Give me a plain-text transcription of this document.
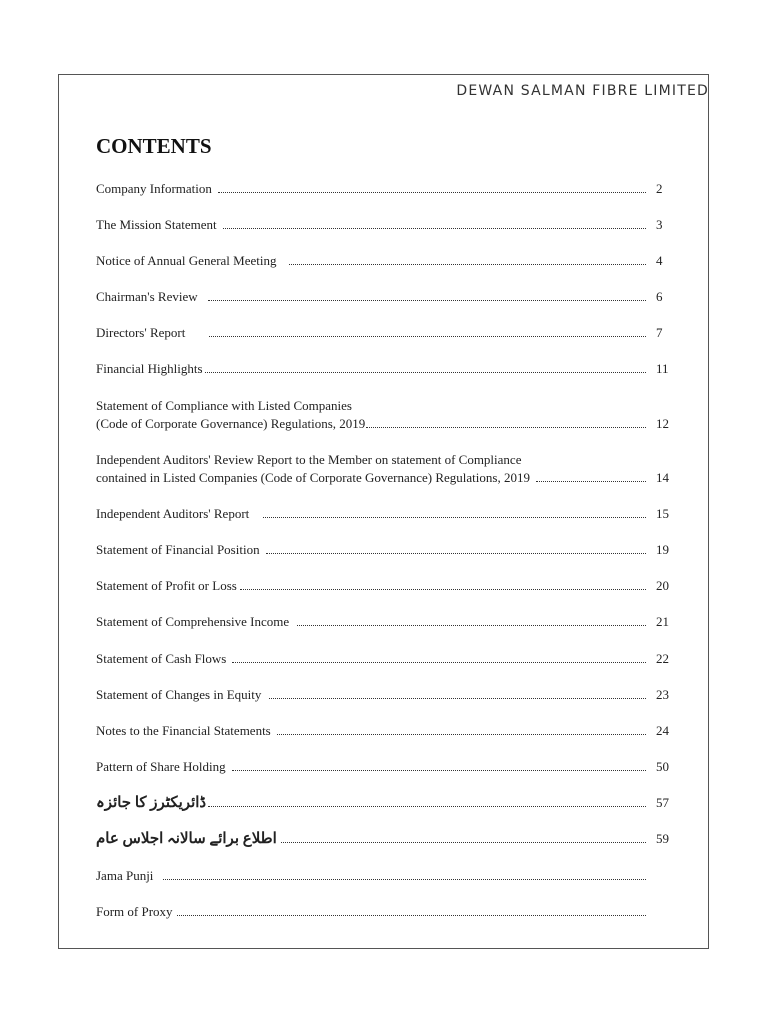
DEWAN SALMAN FIBRE LIMITED
CONTENTS
Company Information	2
The Mission Statement	3
Notice of Annual General Meeting	4
Chairman's Review	6
Directors' Report	7
Financial Highlights	11
Statement of Compliance with Listed Companies
(Code of Corporate Governance) Regulations, 2019	12
Independent Auditors' Review Report to the Member on statement of Compliance
contained in Listed Companies (Code of Corporate Governance) Regulations, 2019	14
Independent Auditors' Report	15
Statement of Financial Position	19
Statement of Profit or Loss	20
Statement of Comprehensive Income	21
Statement of Cash Flows	22
Statement of Changes in Equity	23
Notes to the Financial Statements	24
Pattern of Share Holding	50
ڈائریکٹرز کا جائزہ	57
اطلاع برائے سالانہ اجلاس عام	59
Jama Punji
Form of Proxy
